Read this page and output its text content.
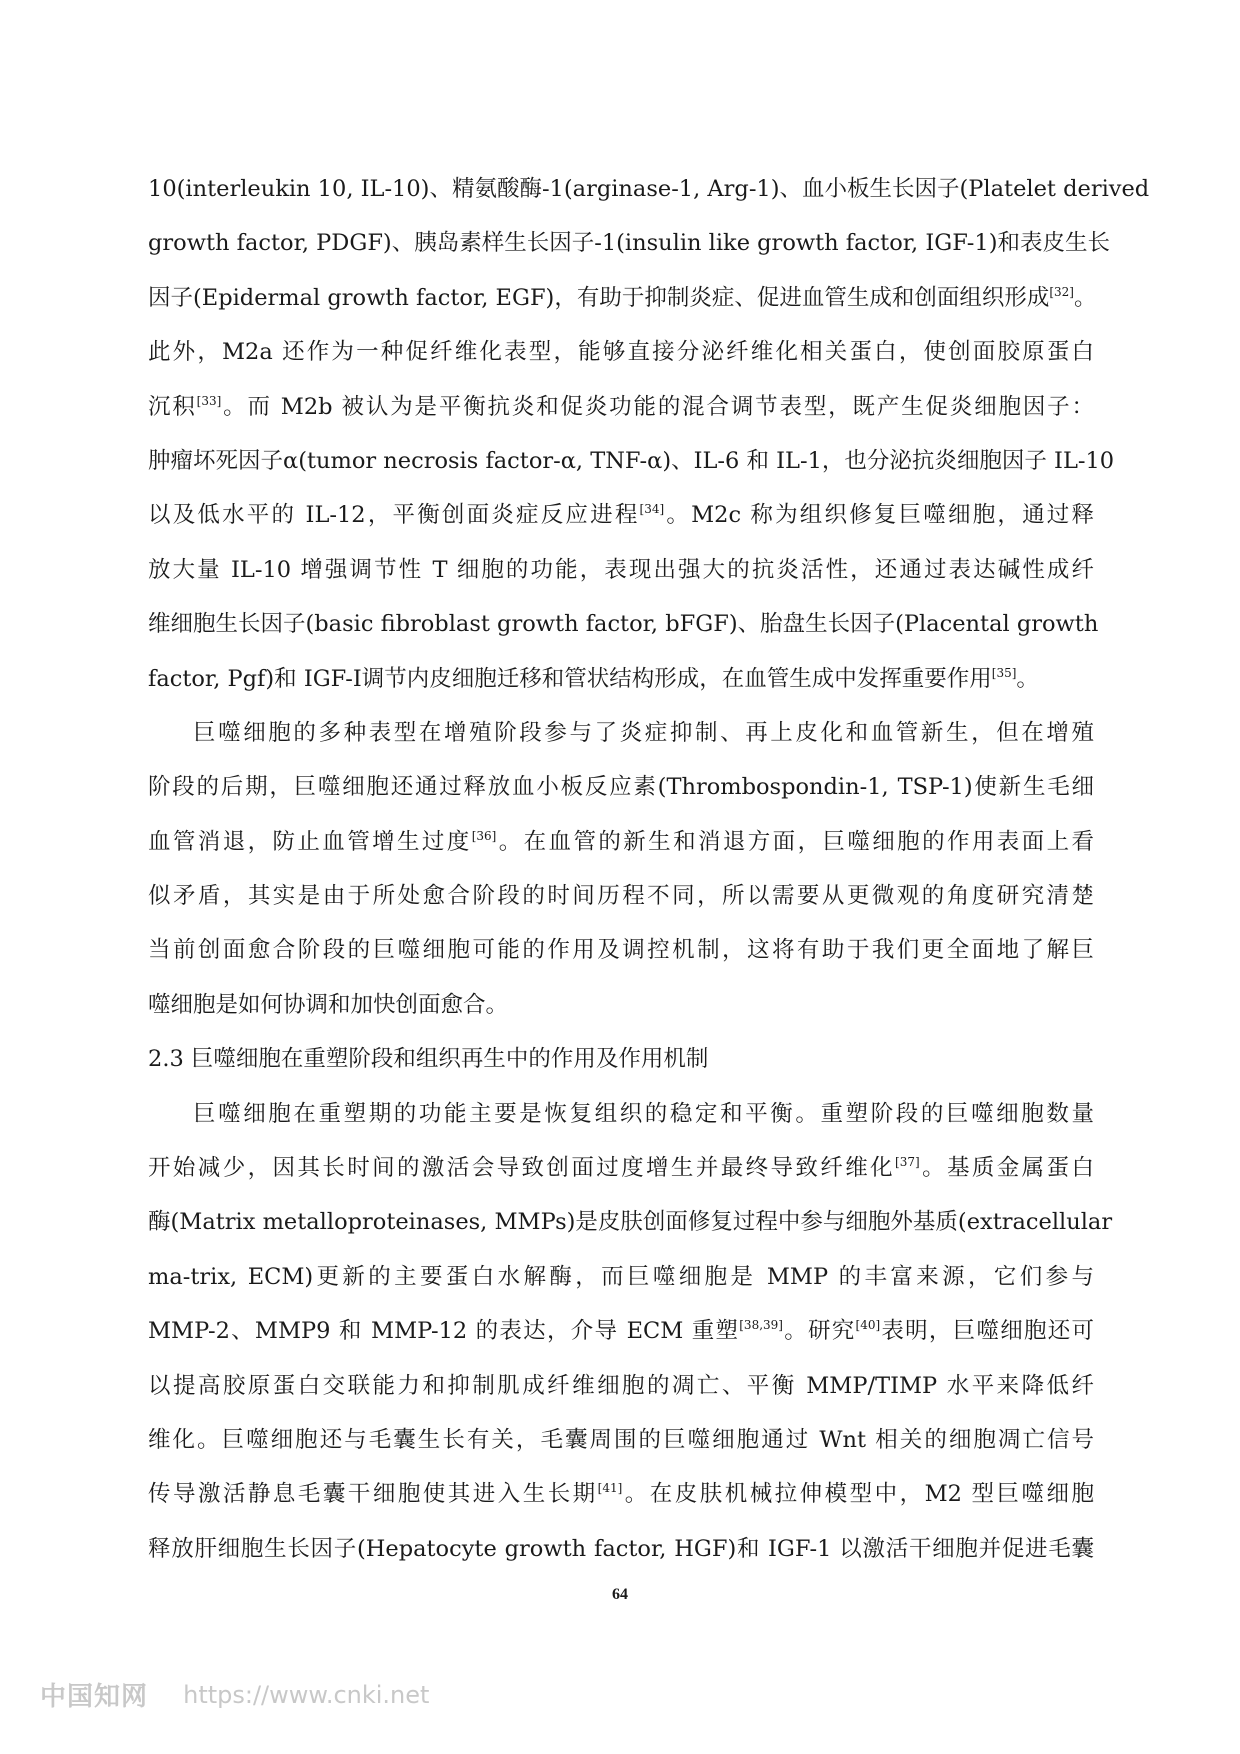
10(interleukin 10, IL-10)、精氨酸酶-1(arginase-1, Arg-1)、血小板生长因子(Platelet derived
growth factor, PDGF)、胰岛素样生长因子-1(insulin like growth factor, IGF-1)和表皮生长
因子(Epidermal growth factor, EGF)，有助于抑制炎症、促进血管生成和创面组织形成[32]。
此外，M2a 还作为一种促纤维化表型，能够直接分泌纤维化相关蛋白，使创面胶原蛋白
沉积[33]。而 M2b 被认为是平衡抗炎和促炎功能的混合调节表型，既产生促炎细胞因子：
肿瘤坏死因子α(tumor necrosis factor-α, TNF-α)、IL-6 和 IL-1，也分泌抗炎细胞因子 IL-10
以及低水平的 IL-12，平衡创面炎症反应进程[34]。M2c 称为组织修复巨噬细胞，通过释
放大量 IL-10 增强调节性 T 细胞的功能，表现出强大的抗炎活性，还通过表达碱性成纤
维细胞生长因子(basic fibroblast growth factor, bFGF)、胎盘生长因子(Placental growth
factor, Pgf)和 IGF-Ⅰ调节内皮细胞迁移和管状结构形成，在血管生成中发挥重要作用[35]。
巨噬细胞的多种表型在增殖阶段参与了炎症抑制、再上皮化和血管新生，但在增殖
阶段的后期，巨噬细胞还通过释放血小板反应素(Thrombospondin-1, TSP-1)使新生毛细
血管消退，防止血管增生过度[36]。在血管的新生和消退方面，巨噬细胞的作用表面上看
似矛盾，其实是由于所处愈合阶段的时间历程不同，所以需要从更微观的角度研究清楚
当前创面愈合阶段的巨噬细胞可能的作用及调控机制，这将有助于我们更全面地了解巨
噬细胞是如何协调和加快创面愈合。
2.3 巨噬细胞在重塑阶段和组织再生中的作用及作用机制
巨噬细胞在重塑期的功能主要是恢复组织的稳定和平衡。重塑阶段的巨噬细胞数量
开始减少，因其长时间的激活会导致创面过度增生并最终导致纤维化[37]。基质金属蛋白
酶(Matrix metalloproteinases, MMPs)是皮肤创面修复过程中参与细胞外基质(extracellular
ma-trix, ECM)更新的主要蛋白水解酶，而巨噬细胞是 MMP 的丰富来源，它们参与
MMP-2、MMP9 和 MMP-12 的表达，介导 ECM 重塑[38,39]。研究[40]表明，巨噬细胞还可
以提高胶原蛋白交联能力和抑制肌成纤维细胞的凋亡、平衡 MMP/TIMP 水平来降低纤
维化。巨噬细胞还与毛囊生长有关，毛囊周围的巨噬细胞通过 Wnt 相关的细胞凋亡信号
传导激活静息毛囊干细胞使其进入生长期[41]。在皮肤机械拉伸模型中，M2 型巨噬细胞
释放肝细胞生长因子(Hepatocyte growth factor, HGF)和 IGF-1 以激活干细胞并促进毛囊
64
中国知网 https://www.cnki.net
